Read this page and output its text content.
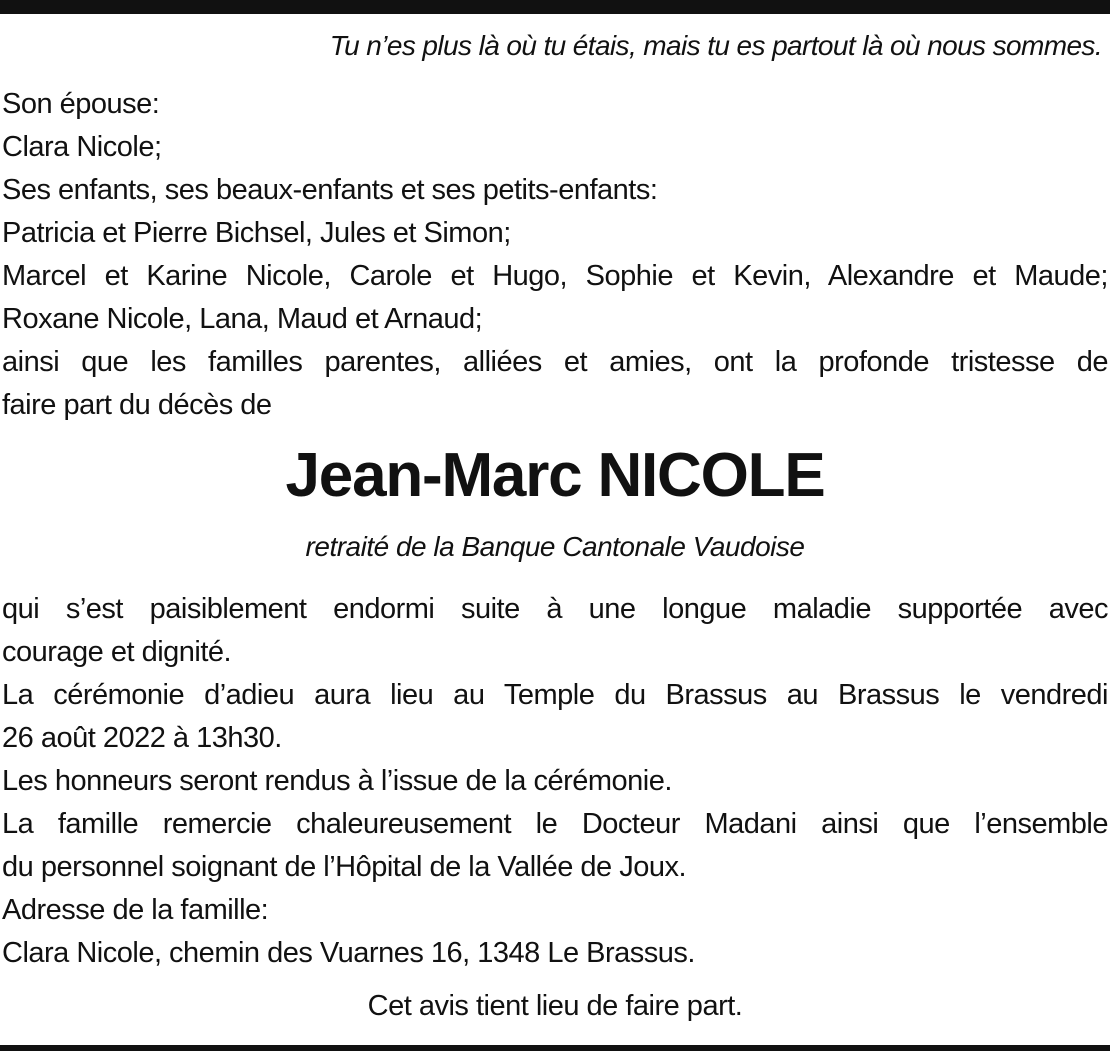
Tu n’es plus là où tu étais, mais tu es partout là où nous sommes.
Son épouse:
Clara Nicole;
Ses enfants, ses beaux-enfants et ses petits-enfants:
Patricia et Pierre Bichsel, Jules et Simon;
Marcel et Karine Nicole, Carole et Hugo, Sophie et Kevin, Alexandre et Maude;
Roxane Nicole, Lana, Maud et Arnaud;
ainsi que les familles parentes, alliées et amies, ont la profonde tristesse de
faire part du décès de
Jean-Marc NICOLE
retraité de la Banque Cantonale Vaudoise
qui s’est paisiblement endormi suite à une longue maladie supportée avec
courage et dignité.
La cérémonie d’adieu aura lieu au Temple du Brassus au Brassus le vendredi
26 août 2022 à 13h30.
Les honneurs seront rendus à l’issue de la cérémonie.
La famille remercie chaleureusement le Docteur Madani ainsi que l’ensemble
du personnel soignant de l’Hôpital de la Vallée de Joux.
Adresse de la famille:
Clara Nicole, chemin des Vuarnes 16, 1348 Le Brassus.
Cet avis tient lieu de faire part.
